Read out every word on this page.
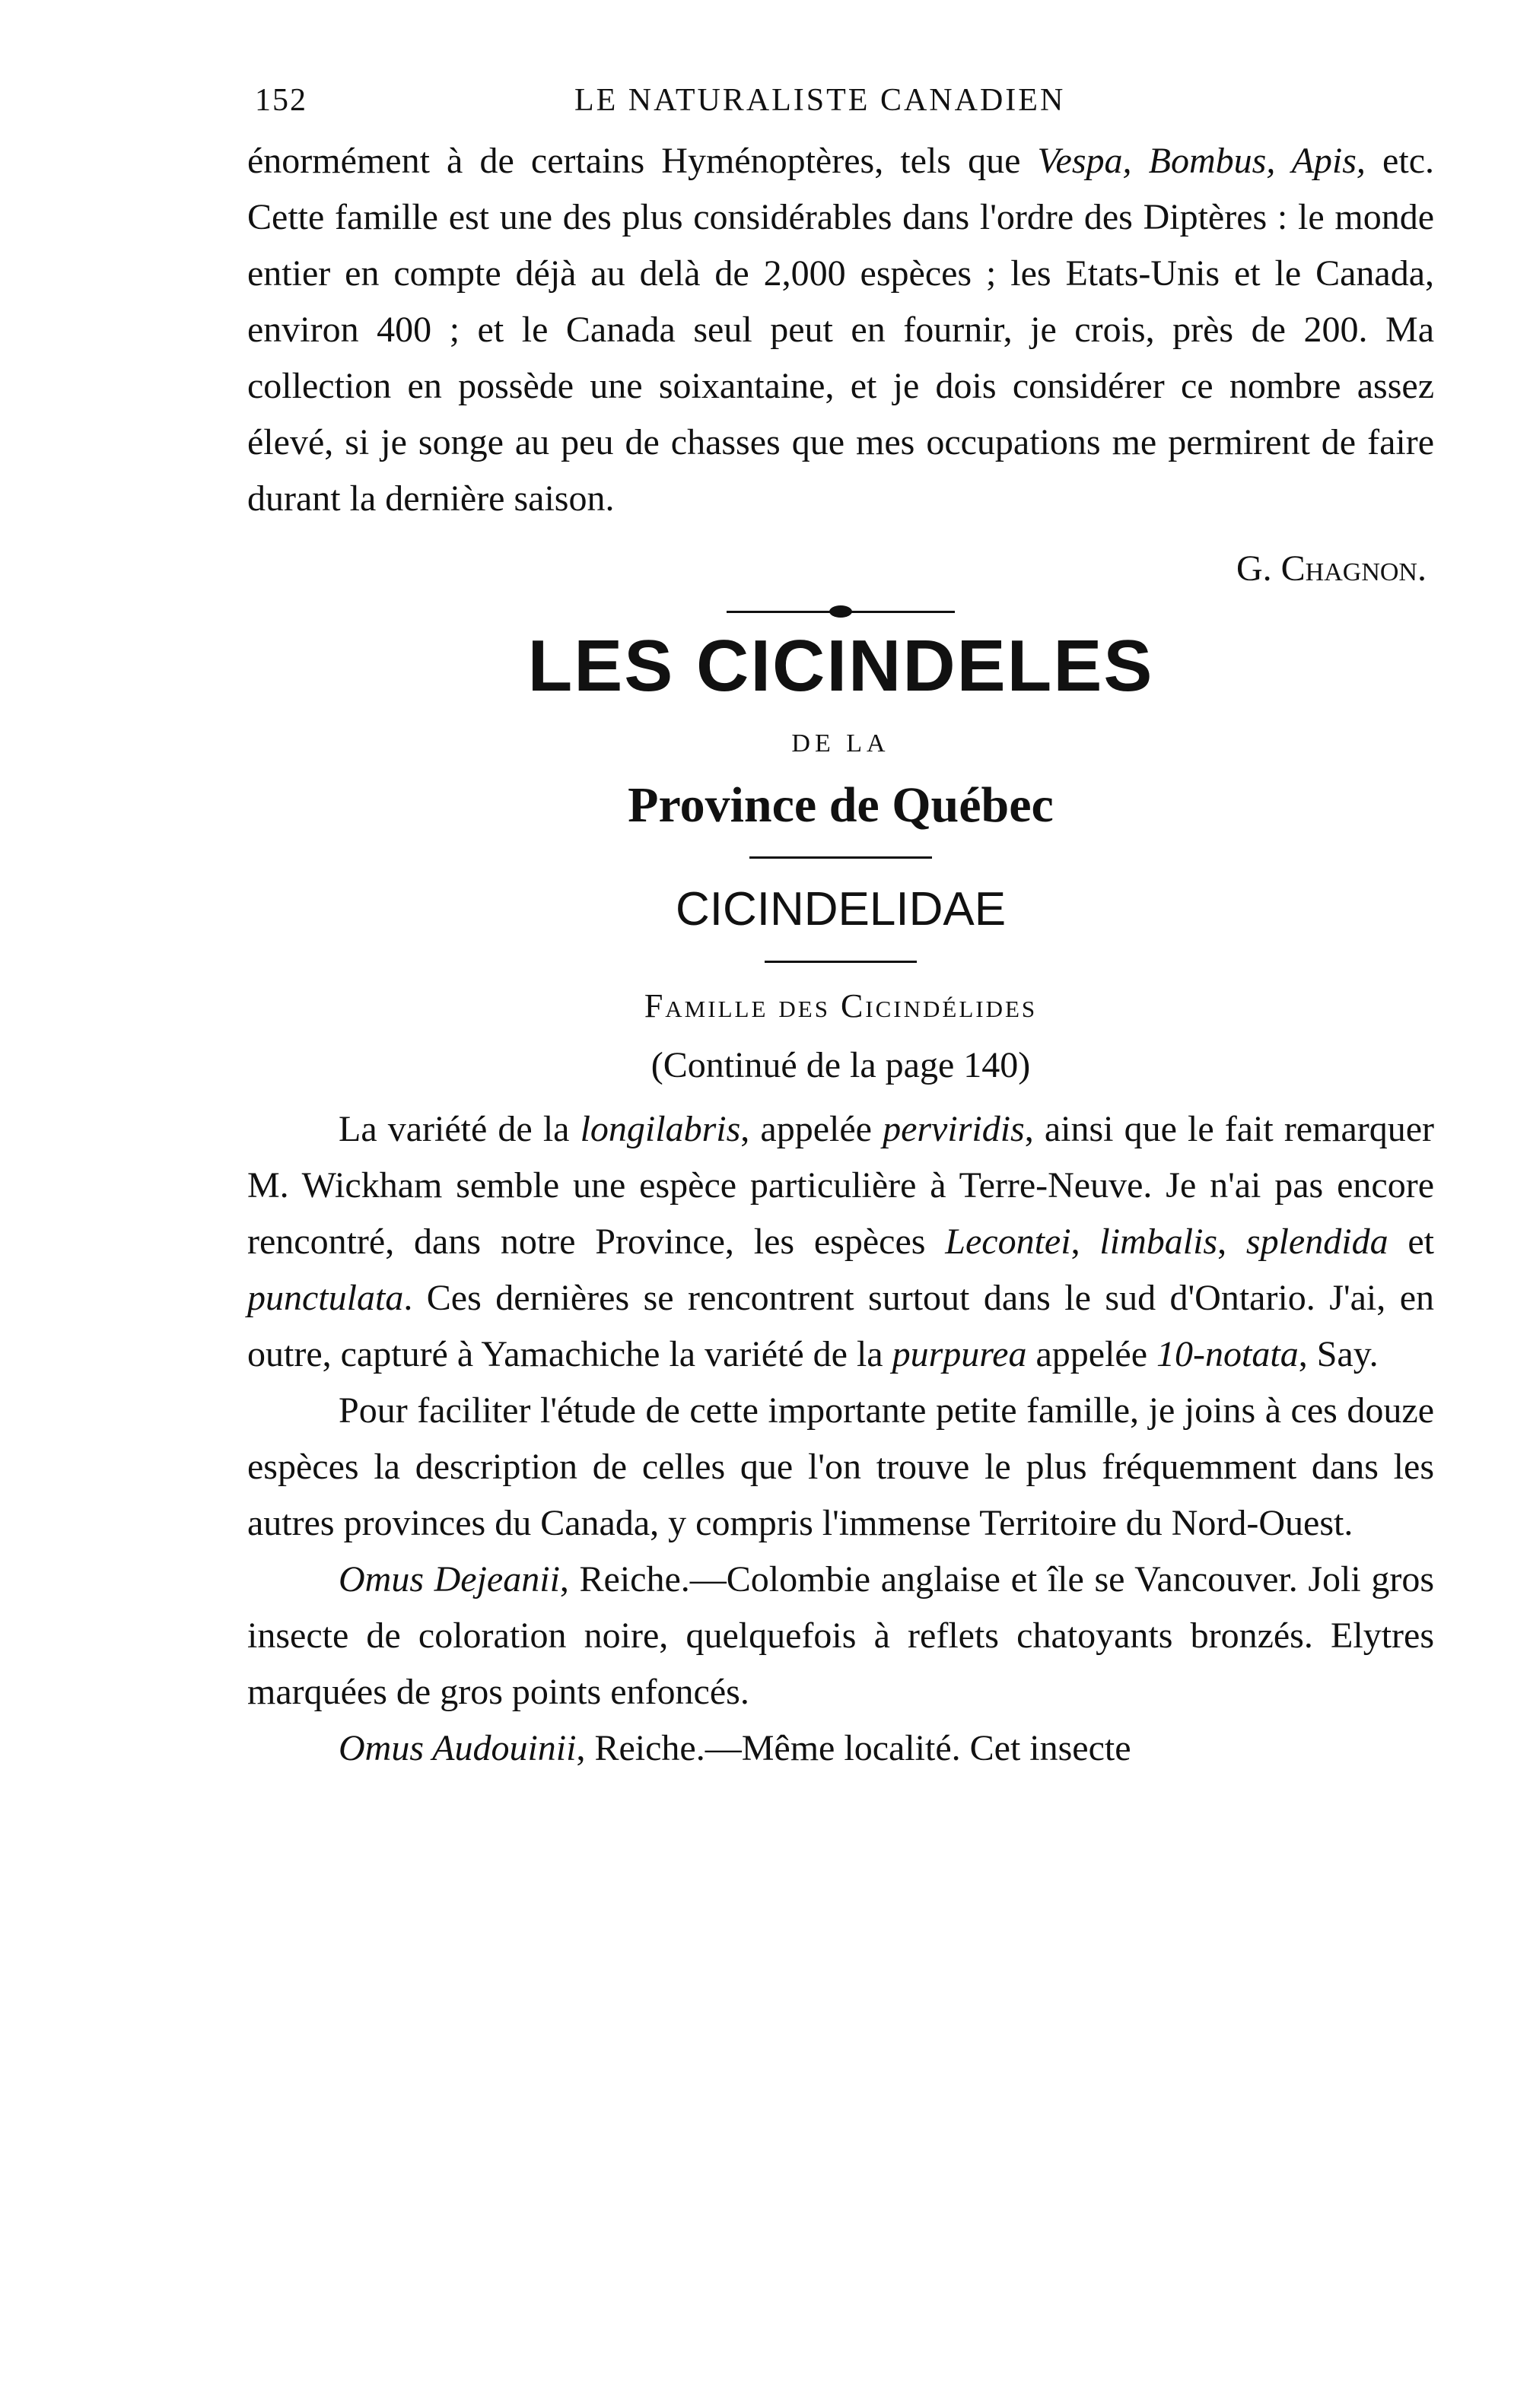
152	LE NATURALISTE CANADIEN

énormément à de certains Hyménoptères, tels que Vespa, Bombus, Apis, etc. Cette famille est une des plus considérables dans l'ordre des Diptères : le monde entier en compte déjà au delà de 2,000 espèces ; les Etats-Unis et le Canada, environ 400 ; et le Canada seul peut en fournir, je crois, près de 200. Ma collection en possède une soixantaine, et je dois considérer ce nombre assez élevé, si je songe au peu de chasses que mes occupations me permirent de faire durant la dernière saison.

G. Chagnon.

LES CICINDELES

DE LA

Province de Québec

CICINDELIDAE

Famille des Cicindélides

(Continué de la page 140)

La variété de la longilabris, appelée perviridis, ainsi que le fait remarquer M. Wickham semble une espèce particulière à Terre-Neuve. Je n'ai pas encore rencontré, dans notre Province, les espèces Lecontei, limbalis, splendida et punctulata. Ces dernières se rencontrent surtout dans le sud d'Ontario. J'ai, en outre, capturé à Yamachiche la variété de la purpurea appelée 10-notata, Say.

Pour faciliter l'étude de cette importante petite famille, je joins à ces douze espèces la description de celles que l'on trouve le plus fréquemment dans les autres provinces du Canada, y compris l'immense Territoire du Nord-Ouest.

Omus Dejeanii, Reiche.—Colombie anglaise et île se Vancouver. Joli gros insecte de coloration noire, quelquefois à reflets chatoyants bronzés. Elytres marquées de gros points enfoncés.

Omus Audouinii, Reiche.—Même localité. Cet insecte
